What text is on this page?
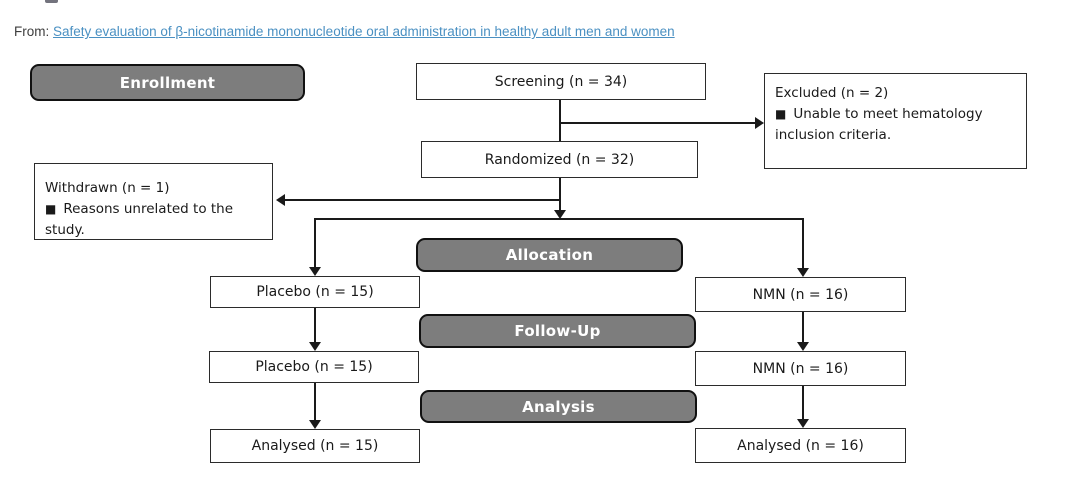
From: Safety evaluation of β-nicotinamide mononucleotide oral administration in healthy adult men and women
Enrollment
Allocation
Follow-Up
Analysis
Screening (n = 34)
Randomized (n = 32)
Excluded (n = 2)
■ Unable to meet hematology
inclusion criteria.
Withdrawn (n = 1)
■ Reasons unrelated to the study.
Placebo (n = 15)
Placebo (n = 15)
Analysed (n = 15)
NMN (n = 16)
NMN (n = 16)
Analysed (n = 16)
